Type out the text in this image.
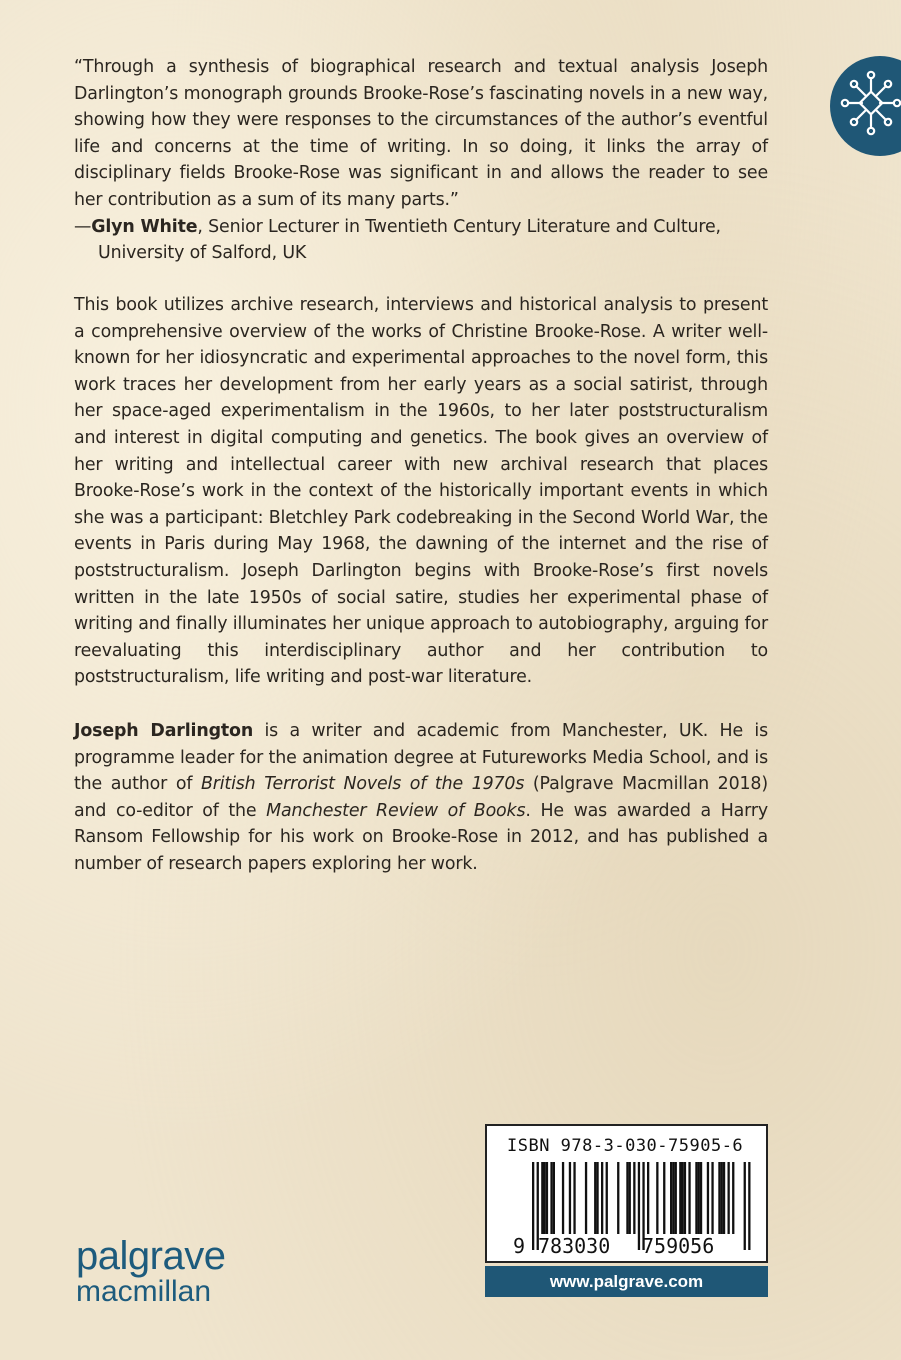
“Through a synthesis of biographical research and textual analysis Joseph Darlington’s monograph grounds Brooke-Rose’s fascinating novels in a new way, showing how they were responses to the circumstances of the author’s eventful life and concerns at the time of writing. In so doing, it links the array of disciplinary fields Brooke-Rose was significant in and allows the reader to see her contribution as a sum of its many parts.”

—Glyn White, Senior Lecturer in Twentieth Century Literature and Culture, University of Salford, UK

This book utilizes archive research, interviews and historical analysis to present a comprehensive overview of the works of Christine Brooke-Rose. A writer well-known for her idiosyncratic and experimental approaches to the novel form, this work traces her development from her early years as a social satirist, through her space-aged experimentalism in the 1960s, to her later poststructuralism and interest in digital computing and genetics. The book gives an overview of her writing and intellectual career with new archival research that places Brooke-Rose’s work in the context of the historically important events in which she was a participant: Bletchley Park codebreaking in the Second World War, the events in Paris during May 1968, the dawning of the internet and the rise of poststructuralism. Joseph Darlington begins with Brooke-Rose’s first novels written in the late 1950s of social satire, studies her experimental phase of writing and finally illuminates her unique approach to autobiography, arguing for reevaluating this interdisciplinary author and her contribution to poststructuralism, life writing and post-war literature.

Joseph Darlington is a writer and academic from Manchester, UK. He is programme leader for the animation degree at Futureworks Media School, and is the author of British Terrorist Novels of the 1970s (Palgrave Macmillan 2018) and co-editor of the Manchester Review of Books. He was awarded a Harry Ransom Fellowship for his work on Brooke-Rose in 2012, and has published a number of research papers exploring her work.

palgrave
macmillan
ISBN 978-3-030-75905-6
9 783030 759056
www.palgrave.com
